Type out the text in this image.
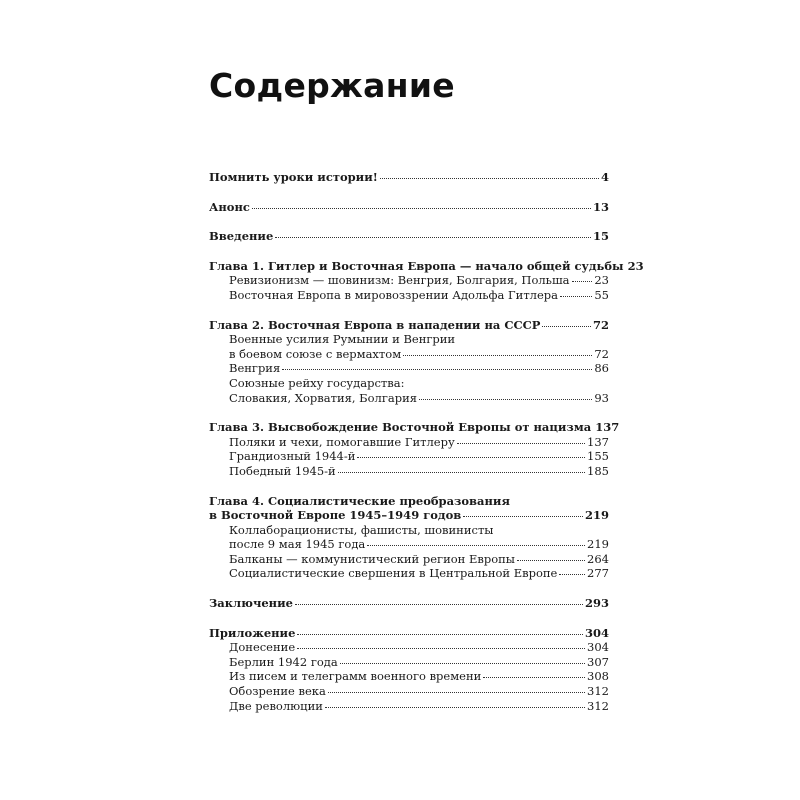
Содержание
Помнить уроки истории!	4
Анонс	13
Введение	15
Глава 1. Гитлер и Восточная Европа — начало общей судьбы 23
Ревизионизм — шовинизм: Венгрия, Болгария, Польша 23
Восточная Европа в мировоззрении Адольфа Гитлера	55
Глава 2. Восточная Европа в нападении на СССР	72
Военные усилия Румынии и Венгрии
в боевом союзе с вермахтом	72
Венгрия	86
Союзные рейху государства:
Словакия, Хорватия, Болгария	93
Глава 3. Высвобождение Восточной Европы от нацизма 137
Поляки и чехи, помогавшие Гитлеру	137
Грандиозный 1944-й	155
Победный 1945-й	185
Глава 4. Социалистические преобразования
в Восточной Европе 1945–1949 годов	219
Коллаборационисты, фашисты, шовинисты
после 9 мая 1945 года	219
Балканы — коммунистический регион Европы	264
Социалистические свершения в Центральной Европе	277
Заключение	293
Приложение	304
Донесение	304
Берлин 1942 года	307
Из писем и телеграмм военного времени	308
Обозрение века	312
Две революции	312
